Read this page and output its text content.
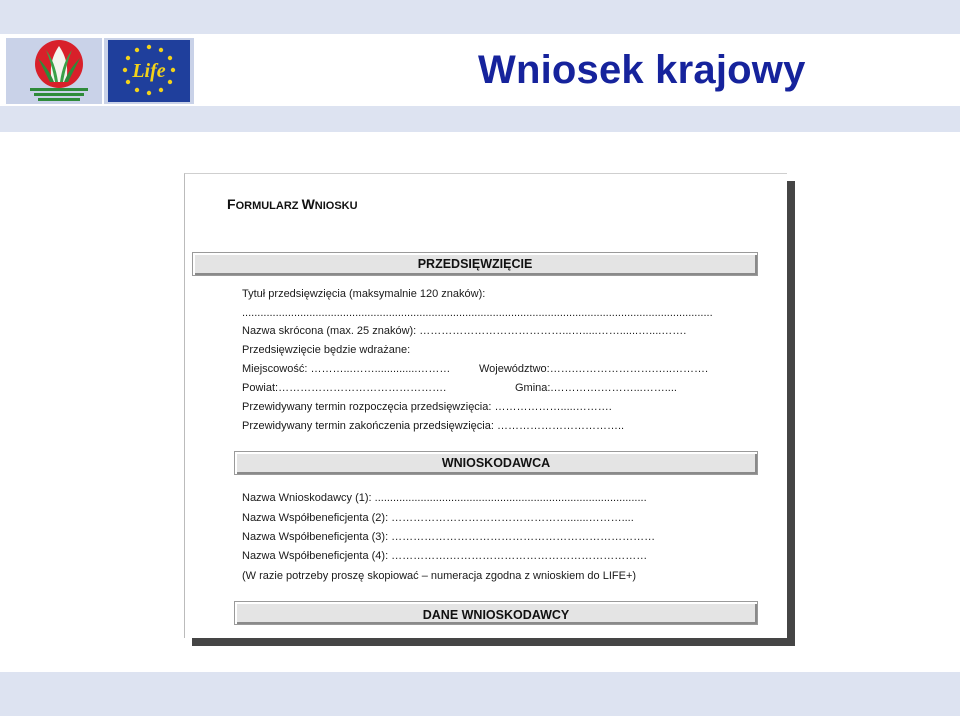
Life	Wniosek krajowy
FORMULARZ WNIOSKU
PRZEDSIĘWZIĘCIE
Tytuł przedsięwzięcia (maksymalnie 120 znaków):
..........................................................................................................................................................
Nazwa skrócona (max. 25 znaków): …………………………………...….....……......…....…….
Przedsięwzięcie będzie wdrażane:
Miejscowość: ………...……..............………	Województwo:…….………………….…..……….
Powiat:……………………………………….	Gmina:.………….………...……....
Przewidywany termin rozpoczęcia przedsięwzięcia: ……………….....……….
Przewidywany termin zakończenia przedsięwzięcia: ……………………………..
WNIOSKODAWCA
Nazwa Wnioskodawcy (1): .........................................................................................
Nazwa Współbeneficjenta (2): ………………………………………….......………....
Nazwa Współbeneficjenta (3): ………………………………………………………………
Nazwa Współbeneficjenta (4): …………….………………………………………………
(W razie potrzeby proszę skopiować – numeracja zgodna z wnioskiem do LIFE+)
DANE WNIOSKODAWCY
